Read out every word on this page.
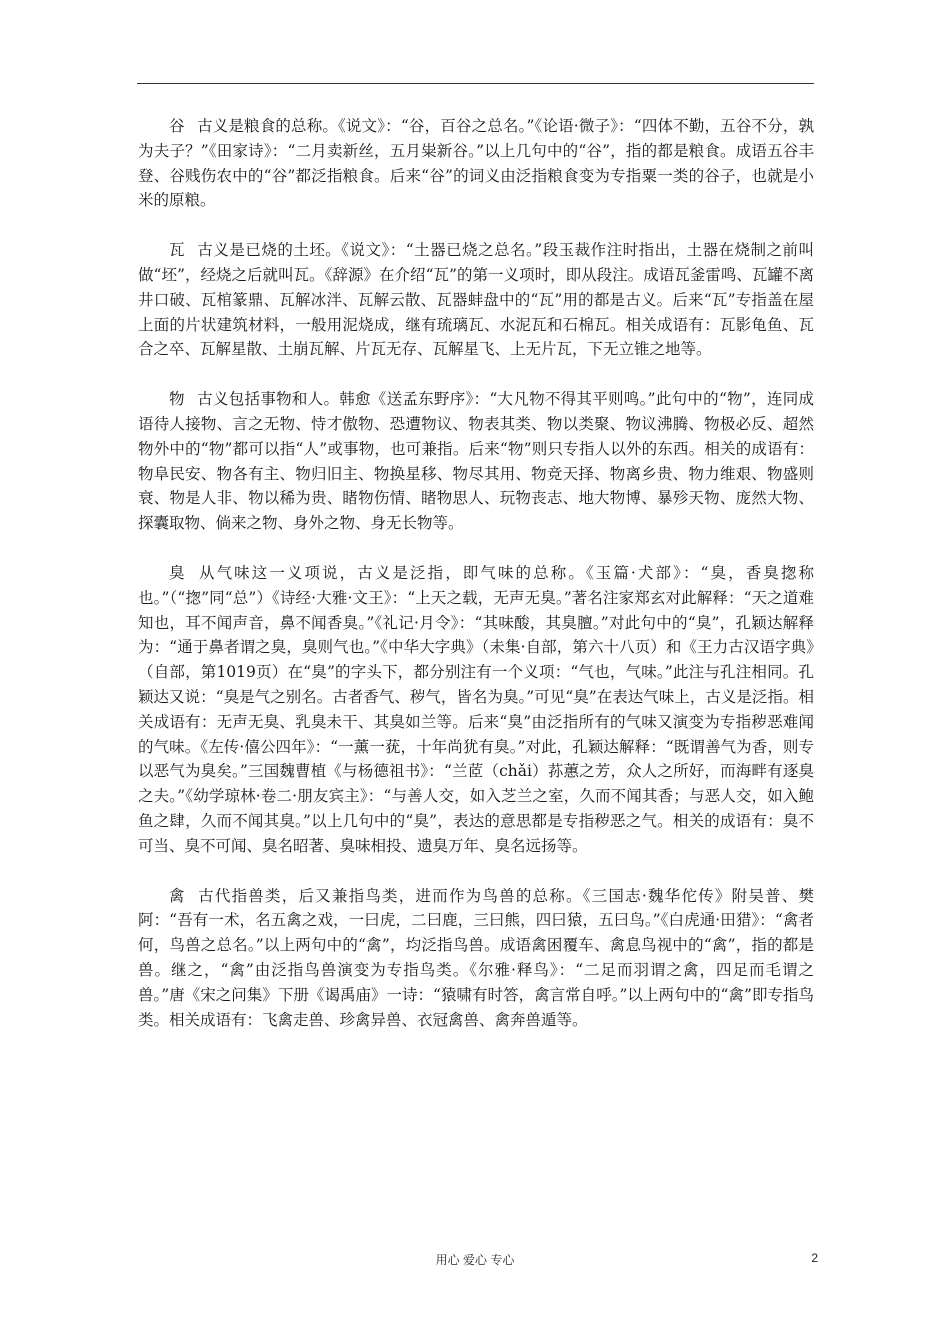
谷 古义是粮食的总称。《说文》：“谷，百谷之总名。”《论语·微子》：“四体不勤，五谷不分，孰为夫子？”《田家诗》：“二月卖新丝，五月粜新谷。”以上几句中的“谷”，指的都是粮食。成语五谷丰登、谷贱伤农中的“谷”都泛指粮食。后来“谷”的词义由泛指粮食变为专指粟一类的谷子，也就是小米的原粮。

瓦 古义是已烧的土坯。《说文》：“土器已烧之总名。”段玉裁作注时指出，土器在烧制之前叫做“坯”，经烧之后就叫瓦。《辞源》在介绍“瓦”的第一义项时，即从段注。成语瓦釜雷鸣、瓦罐不离井口破、瓦棺篆鼎、瓦解冰泮、瓦解云散、瓦器蚌盘中的“瓦”用的都是古义。后来“瓦”专指盖在屋上面的片状建筑材料，一般用泥烧成，继有琉璃瓦、水泥瓦和石棉瓦。相关成语有：瓦影龟鱼、瓦合之卒、瓦解星散、土崩瓦解、片瓦无存、瓦解星飞、上无片瓦，下无立锥之地等。

物 古义包括事物和人。韩愈《送孟东野序》：“大凡物不得其平则鸣。”此句中的“物”，连同成语待人接物、言之无物、恃才傲物、恐遭物议、物表其类、物以类聚、物议沸腾、物极必反、超然物外中的“物”都可以指“人”或事物，也可兼指。后来“物”则只专指人以外的东西。相关的成语有：物阜民安、物各有主、物归旧主、物换星移、物尽其用、物竞天择、物离乡贵、物力维艰、物盛则衰、物是人非、物以稀为贵、睹物伤情、睹物思人、玩物丧志、地大物博、暴殄天物、庞然大物、探囊取物、倘来之物、身外之物、身无长物等。

臭 从气味这一义项说，古义是泛指，即气味的总称。《玉篇·犬部》：“臭，香臭揔称也。”（“揔”同“总”）《诗经·大雅·文王》：“上天之载，无声无臭。”著名注家郑玄对此解释：“天之道难知也，耳不闻声音，鼻不闻香臭。”《礼记·月令》：“其味酸，其臭膻。”对此句中的“臭”，孔颖达解释为：“通于鼻者谓之臭，臭则气也。”《中华大字典》（未集·自部，第六十八页）和《王力古汉语字典》（自部，第1019页）在“臭”的字头下，都分别注有一个义项：“气也，气味。”此注与孔注相同。孔颖达又说：“臭是气之别名。古者香气、秽气，皆名为臭。”可见“臭”在表达气味上，古义是泛指。相关成语有：无声无臭、乳臭未干、其臭如兰等。后来“臭”由泛指所有的气味又演变为专指秽恶难闻的气味。《左传·僖公四年》：“一薰一莸，十年尚犹有臭。”对此，孔颖达解释：“既谓善气为香，则专以恶气为臭矣。”三国魏曹植《与杨德祖书》：“兰茝（chǎi）荪蕙之芳，众人之所好，而海畔有逐臭之夫。”《幼学琼林·卷二·朋友宾主》：“与善人交，如入芝兰之室，久而不闻其香；与恶人交，如入鲍鱼之肆，久而不闻其臭。”以上几句中的“臭”，表达的意思都是专指秽恶之气。相关的成语有：臭不可当、臭不可闻、臭名昭著、臭味相投、遗臭万年、臭名远扬等。

禽 古代指兽类，后又兼指鸟类，进而作为鸟兽的总称。《三国志·魏华佗传》附吴普、樊阿：“吾有一术，名五禽之戏，一曰虎，二曰鹿，三曰熊，四曰猿，五曰鸟。”《白虎通·田猎》：“禽者何，鸟兽之总名。”以上两句中的“禽”，均泛指鸟兽。成语禽困覆车、禽息鸟视中的“禽”，指的都是兽。继之，“禽”由泛指鸟兽演变为专指鸟类。《尔雅·释鸟》：“二足而羽谓之禽，四足而毛谓之兽。”唐《宋之问集》下册《谒禹庙》一诗：“猿啸有时答，禽言常自呼。”以上两句中的“禽”即专指鸟类。相关成语有：飞禽走兽、珍禽异兽、衣冠禽兽、禽奔兽遁等。

用心 爱心 专心	2
